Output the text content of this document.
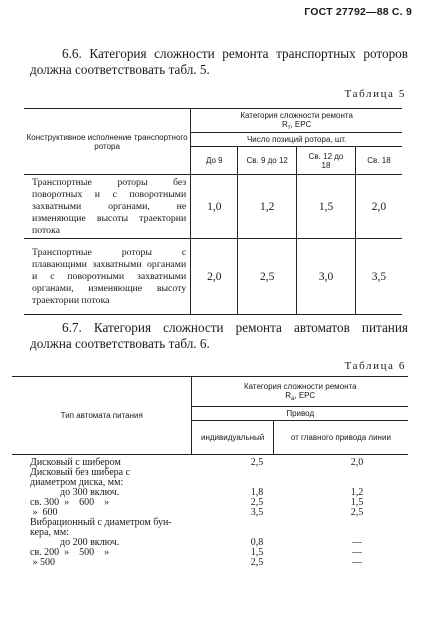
ГОСТ 27792—88 С. 9

6.6. Категория сложности ремонта транспортных роторов должна соответствовать табл. 5.

Таблица 5
Конструктивное исполнение транспортного ротора	Категория сложности ремонта
$R_т$, ЕРС			

	Число позиций ротора, шт.			
	До 9	Св. 9 до 12	Св. 12 до 18	Св. 18
Транспортные роторы без поворотных и с поворотными захватными органами, не изменяющие высоты траектории потока	1,0	1,2	1,5	2,0
Транспортные роторы с плавающими захватными органами и с поворотными захватными органами, изменяющие высоту траектории потока	2,0	2,5	3,0	3,5

6.7. Категория сложности ремонта автоматов питания должна соответствовать табл. 6.

Таблица 6
Тип автомата питания	Категория сложности ремонта
$R_а$, ЕРС	

	Привод	
	индивидуальный	от главного привода линии
Дисковый с шибером	2,5	2,0
Дисковый без шибера с
диаметром диска, мм:
до 300 включ.	1,8	1,2
св. 300  »    600    »	2,5	1,5
»  600	3,5	2,5
Вибрационный с диаметром бун-
кера, мм:
до 200 включ.	0,8	—
св. 200  »    500    »	1,5	—
» 500	2,5	—
